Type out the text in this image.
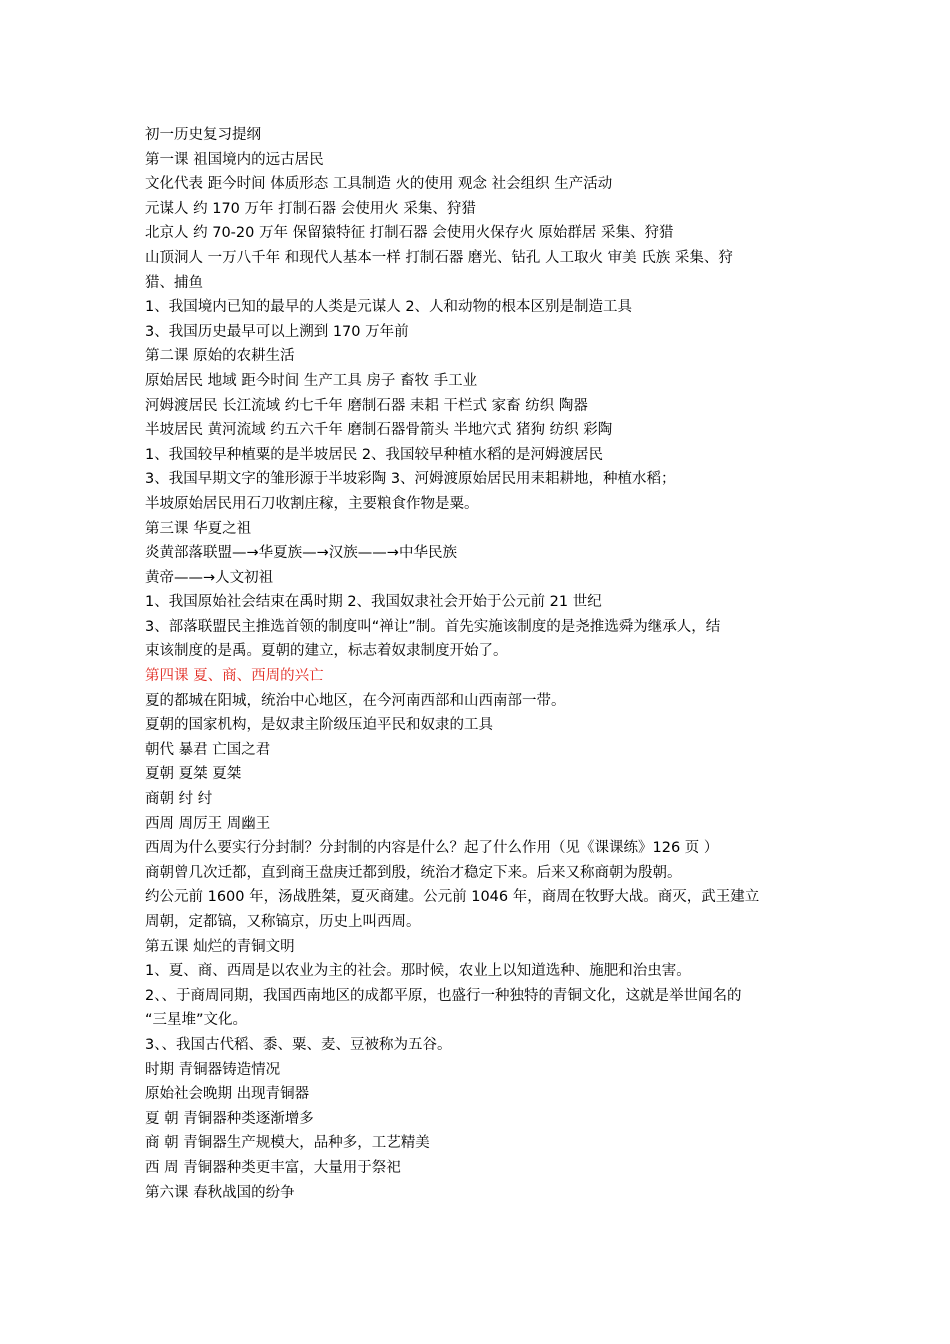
初一历史复习提纲
第一课 祖国境内的远古居民
文化代表 距今时间 体质形态 工具制造 火的使用 观念 社会组织 生产活动
元谋人 约 170 万年 打制石器 会使用火 采集、狩猎
北京人 约 70-20 万年 保留猿特征 打制石器 会使用火保存火 原始群居 采集、狩猎
山顶洞人 一万八千年 和现代人基本一样 打制石器 磨光、钻孔 人工取火 审美 氏族 采集、狩
猎、捕鱼
1、我国境内已知的最早的人类是元谋人 2、人和动物的根本区别是制造工具
3、我国历史最早可以上溯到 170 万年前
第二课 原始的农耕生活
原始居民 地域 距今时间 生产工具 房子 畜牧 手工业
河姆渡居民 长江流域 约七千年 磨制石器 耒耜 干栏式 家畜 纺织 陶器
半坡居民 黄河流域 约五六千年 磨制石器骨箭头 半地穴式 猪狗 纺织 彩陶
1、我国较早种植粟的是半坡居民 2、我国较早种植水稻的是河姆渡居民
3、我国早期文字的雏形源于半坡彩陶 3、河姆渡原始居民用耒耜耕地，种植水稻；
半坡原始居民用石刀收割庄稼，主要粮食作物是粟。
第三课 华夏之祖
炎黄部落联盟—→华夏族—→汉族——→中华民族
黄帝——→人文初祖
1、我国原始社会结束在禹时期 2、我国奴隶社会开始于公元前 21 世纪
3、部落联盟民主推选首领的制度叫“禅让”制。首先实施该制度的是尧推选舜为继承人，结
束该制度的是禹。夏朝的建立，标志着奴隶制度开始了。
第四课 夏、商、西周的兴亡
夏的都城在阳城，统治中心地区，在今河南西部和山西南部一带。
夏朝的国家机构，是奴隶主阶级压迫平民和奴隶的工具
朝代 暴君 亡国之君
夏朝 夏桀 夏桀
商朝 纣 纣
西周 周厉王 周幽王
西周为什么要实行分封制？分封制的内容是什么？起了什么作用（见《课课练》126 页 ）
商朝曾几次迁都，直到商王盘庚迁都到殷，统治才稳定下来。后来又称商朝为殷朝。
约公元前 1600 年，汤战胜桀，夏灭商建。公元前 1046 年，商周在牧野大战。商灭，武王建立
周朝，定都镐，又称镐京，历史上叫西周。
第五课 灿烂的青铜文明
1、夏、商、西周是以农业为主的社会。那时候，农业上以知道选种、施肥和治虫害。
2、、于商周同期，我国西南地区的成都平原，也盛行一种独特的青铜文化，这就是举世闻名的
“三星堆”文化。
3、、我国古代稻、黍、粟、麦、豆被称为五谷。
时期 青铜器铸造情况
原始社会晚期 出现青铜器
夏 朝 青铜器种类逐渐增多
商 朝 青铜器生产规模大，品种多，工艺精美
西 周 青铜器种类更丰富，大量用于祭祀
第六课 春秋战国的纷争
